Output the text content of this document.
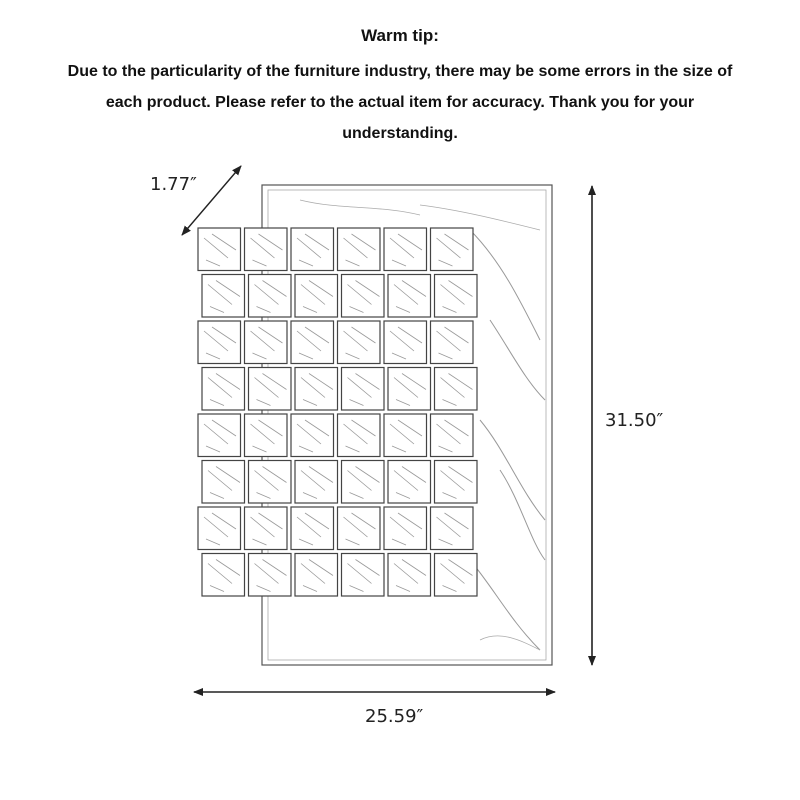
Warm tip:
Due to the particularity of the furniture industry, there may be some errors in the size of each product. Please refer to the actual item for accuracy. Thank you for your understanding.
1.77″
31.50″
25.59″
